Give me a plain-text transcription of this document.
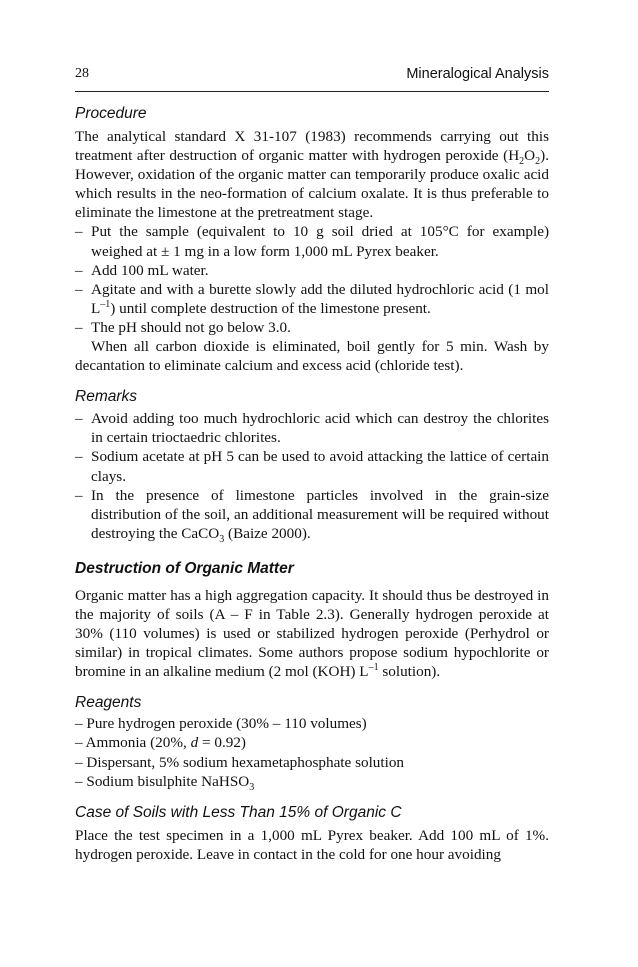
28	Mineralogical Analysis

Procedure

The analytical standard X 31-107 (1983) recommends carrying out this treatment after destruction of organic matter with hydrogen peroxide $(H_2O_2)$. However, oxidation of the organic matter can temporarily produce oxalic acid which results in the neo-formation of calcium oxalate. It is thus preferable to eliminate the limestone at the pretreatment stage.

– Put the sample (equivalent to 10 g soil dried at 105°C for example) weighed at ± 1 mg in a low form 1,000 mL Pyrex beaker.
– Add 100 mL water.
– Agitate and with a burette slowly add the diluted hydrochloric acid (1 mol $L^{-1}$) until complete destruction of the limestone present.
– The pH should not go below 3.0.

When all carbon dioxide is eliminated, boil gently for 5 min. Wash by decantation to eliminate calcium and excess acid (chloride test).

Remarks

– Avoid adding too much hydrochloric acid which can destroy the chlorites in certain trioctaedric chlorites.
– Sodium acetate at pH 5 can be used to avoid attacking the lattice of certain clays.
– In the presence of limestone particles involved in the grain-size distribution of the soil, an additional measurement will be required without destroying the CaCO$_3$ (Baize 2000).

Destruction of Organic Matter

Organic matter has a high aggregation capacity. It should thus be destroyed in the majority of soils (A – F in Table 2.3). Generally hydrogen peroxide at 30% (110 volumes) is used or stabilized hydrogen peroxide (Perhydrol or similar) in tropical climates. Some authors propose sodium hypochlorite or bromine in an alkaline medium (2 mol (KOH) $L^{-1}$ solution).

Reagents

– Pure hydrogen peroxide (30% – 110 volumes)
– Ammonia (20%, d = 0.92)
– Dispersant, 5% sodium hexametaphosphate solution
– Sodium bisulphite NaHSO$_3$

Case of Soils with Less Than 15% of Organic C

Place the test specimen in a 1,000 mL Pyrex beaker. Add 100 mL of 1%. hydrogen peroxide. Leave in contact in the cold for one hour avoiding
